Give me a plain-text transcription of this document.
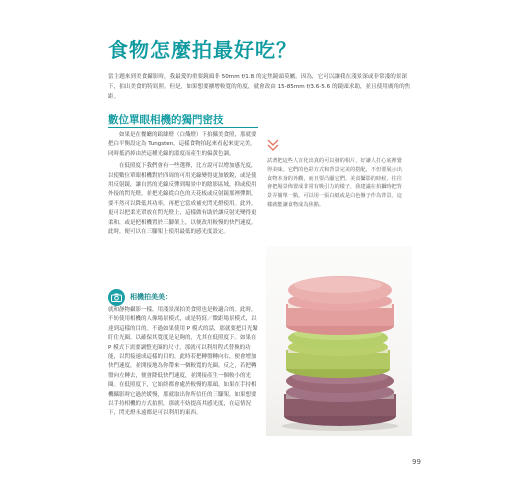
食物怎麼拍最好吃？
當主題來到美食攝影時，我最愛的重要鏡頭非 50mm f/1.8 的定焦鏡頭莫屬。因為，它可以讓我在淺景深或非常淺的景深下，拍出美食的特寫照。但是，如果想要擴增較寬的角度，就會改由 15-85mm f/3.6-5.6 的鏡頭求助，並且使用廣角的焦距。
數位單眼相機的獨門密技

如果是在餐廳的鎢絲燈（白熾燈）下拍攝美食照，那就要把白平衡設定為 Tungsten，這樣食物拍起來看起來更完美，同時抵消掉由於這種光線的溫度而產生的偏黃色調。

在低照度下我們會有一些選擇，比方說可以增加感光度，以使數位單眼相機對於四周的可用光線變得更加敏銳，或是使用反射鏡，讓自然的光線反彈到場景中的陰影區域，抑或使用外接的閃光燈，並把光線從白色的天花板或反射鏡那裡彈開，要不然可以降低其功率，再把它當成補充閃光燈使用。此外，更可以把柔光罩放在閃光燈上，這樣做有助於讓反射光變得更柔和，或是把相機置於三腳架上，以便改用較慢的快門速度。此時，便可以在三腳架上使用最低的感光度設定。

相機拍美美：
就和靜物攝影一樣，用淺景深拍美食照也是較適合的。此時，不妨使用相機的人像場景模式，或是特寫／微距場景模式，以達到這樣的目的。不過如果使用 P 模式的話，那就要把目光緊盯住光圈，以確保其寬度是足夠的，尤其在低照度下。如果在 P 模式下需要調整光圈的尺寸，那就可以利用程式替換的功能，以閃接速成這樣的目的。此時若把轉盤轉向右，便會增加快門速度，並開接地為你帶來一個較寬的光圈。反之，若把轉盤向左轉去，便會降低快門速度，並開接產生一個較小的光圈。在低照度下，它始終都會處於較慢的那頭。如果在手持相機攝影時它過於緩慢，那就取出你所信任的三腳架。如果想要以手持相機的方式拍照，那就不妨提高其感光度，在這情況下，閃光燈永遠都是可以利用的東西。
試著把這些人宣化出真的可以發的相片，好讓人打心底裡覺得美味。它們的色彩方式和背景完美的搭配，不但要展示出食物本身的外觀，而且要凸顯它們。美食攝影的時候，往往會把場景佈置成非常有吸引力的樣子，我建議在拍攝時把背景弄簡單一點，可以用一張白紙或是白色盤子作為背景。這樣就能讓食物成為焦點。
99
